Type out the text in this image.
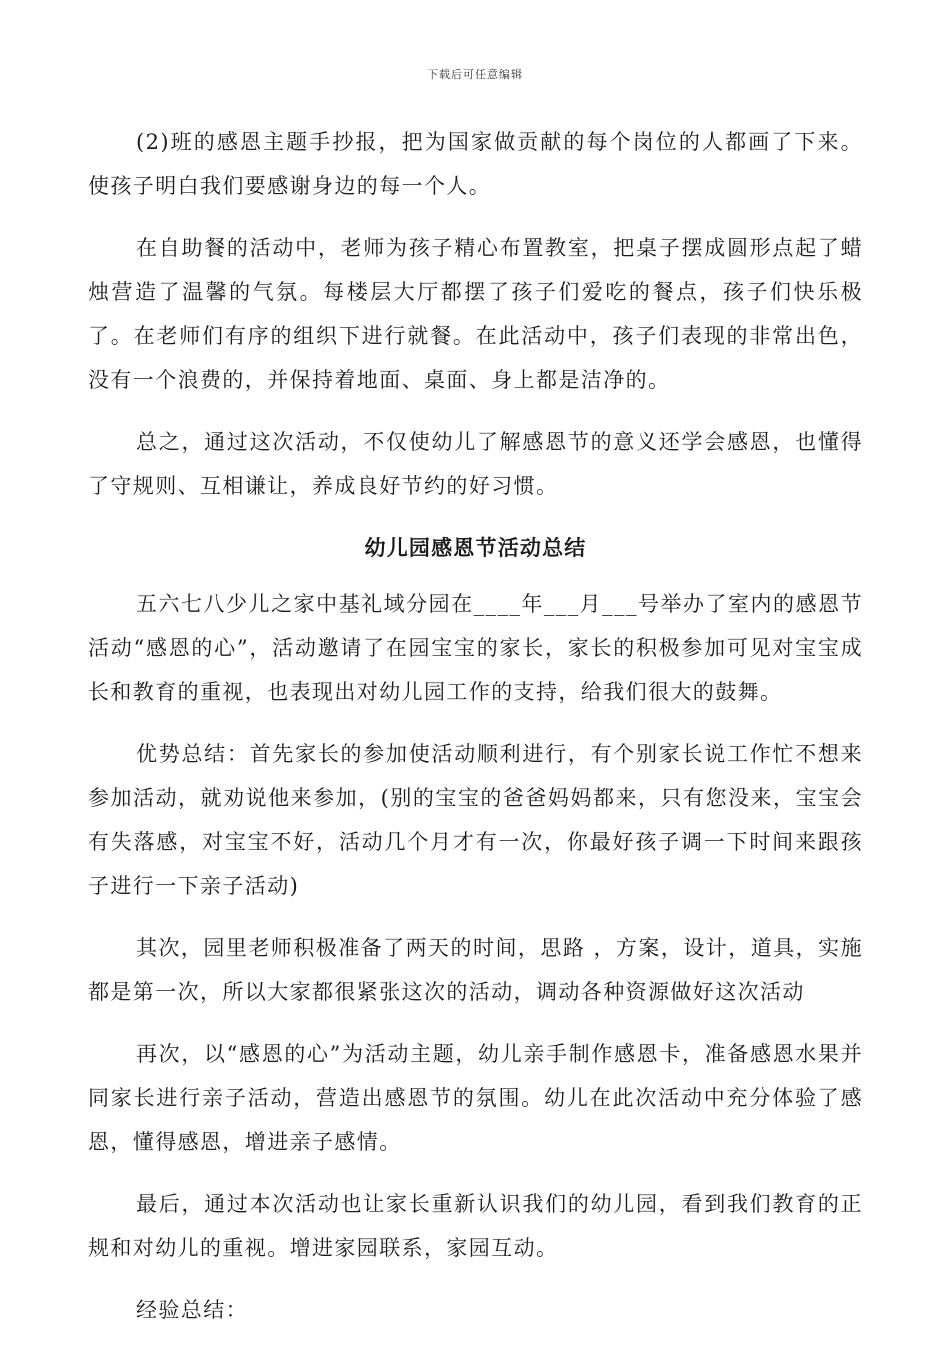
下载后可任意编辑

(2)班的感恩主题手抄报，把为国家做贡献的每个岗位的人都画了下来。使孩子明白我们要感谢身边的每一个人。

在自助餐的活动中，老师为孩子精心布置教室，把桌子摆成圆形点起了蜡烛营造了温馨的气氛。每楼层大厅都摆了孩子们爱吃的餐点，孩子们快乐极了。在老师们有序的组织下进行就餐。在此活动中，孩子们表现的非常出色，没有一个浪费的，并保持着地面、桌面、身上都是洁净的。

总之，通过这次活动，不仅使幼儿了解感恩节的意义还学会感恩，也懂得了守规则、互相谦让，养成良好节约的好习惯。

幼儿园感恩节活动总结

五六七八少儿之家中基礼域分园在____年___月___号举办了室内的感恩节活动“感恩的心”，活动邀请了在园宝宝的家长，家长的积极参加可见对宝宝成长和教育的重视，也表现出对幼儿园工作的支持，给我们很大的鼓舞。

优势总结：首先家长的参加使活动顺利进行，有个别家长说工作忙不想来参加活动，就劝说他来参加，(别的宝宝的爸爸妈妈都来，只有您没来，宝宝会有失落感，对宝宝不好，活动几个月才有一次，你最好孩子调一下时间来跟孩子进行一下亲子活动)

其次，园里老师积极准备了两天的时间，思路 ，方案，设计，道具，实施都是第一次，所以大家都很紧张这次的活动，调动各种资源做好这次活动

再次，以“感恩的心”为活动主题，幼儿亲手制作感恩卡，准备感恩水果并同家长进行亲子活动，营造出感恩节的氛围。幼儿在此次活动中充分体验了感恩，懂得感恩，增进亲子感情。

最后，通过本次活动也让家长重新认识我们的幼儿园，看到我们教育的正规和对幼儿的重视。增进家园联系，家园互动。

经验总结：
